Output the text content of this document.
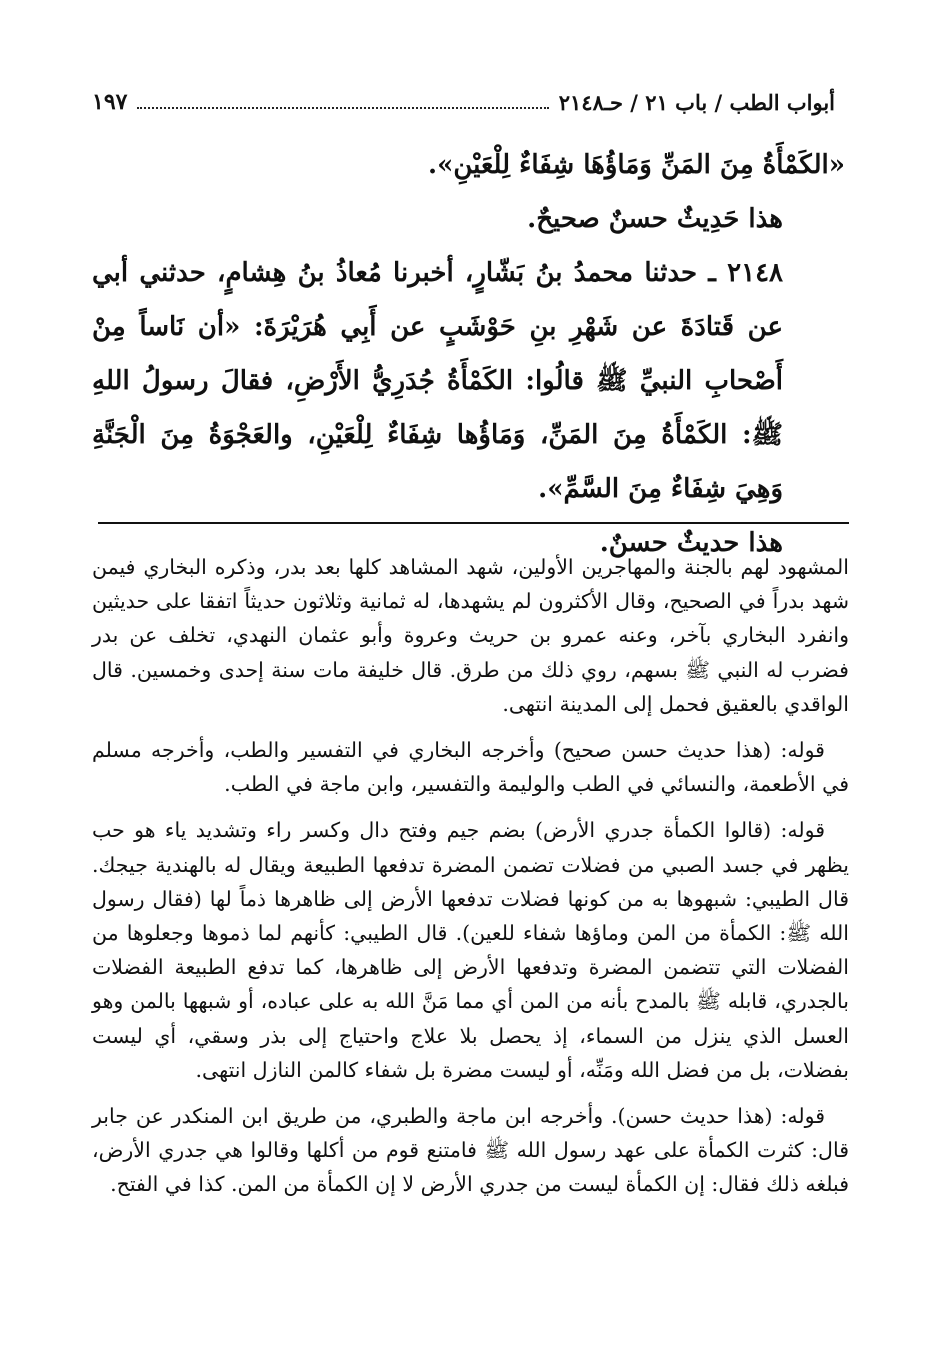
أبواب الطب / باب ٢١ / حـ٢١٤٨
١٩٧

«الكَمْأَةُ مِنَ المَنِّ وَمَاؤُهَا شِفَاءٌ لِلْعَيْنِ».

هذا حَدِيثٌ حسنٌ صحيحٌ.

٢١٤٨ ـ حدثنا محمدُ بنُ بَشّارٍ، أخبرنا مُعاذُ بنُ هِشامٍ، حدثني أبي عن قَتادَةَ عن شَهْرِ بنِ حَوْشَبٍ عن أَبِي هُرَيْرَةَ: «أن نَاساً مِنْ أَصْحابِ النبيِّ ﷺ قالُوا: الكَمْأَةُ جُدَرِيُّ الأَرْضِ، فقالَ رسولُ اللهِ ﷺ: الكَمْأَةُ مِنَ المَنِّ، وَمَاؤُها شِفَاءٌ لِلْعَيْنِ، والعَجْوَةُ مِنَ الْجَنَّةِ وَهِيَ شِفَاءٌ مِنَ السَّمِّ».

هذا حديثٌ حسنٌ.

المشهود لهم بالجنة والمهاجرين الأولين، شهد المشاهد كلها بعد بدر، وذكره البخاري فيمن شهد بدراً في الصحيح، وقال الأكثرون لم يشهدها، له ثمانية وثلاثون حديثاً اتفقا على حديثين وانفرد البخاري بآخر، وعنه عمرو بن حريث وعروة وأبو عثمان النهدي، تخلف عن بدر فضرب له النبي ﷺ بسهم، روي ذلك من طرق. قال خليفة مات سنة إحدى وخمسين. قال الواقدي بالعقيق فحمل إلى المدينة انتهى.

قوله: (هذا حديث حسن صحيح) وأخرجه البخاري في التفسير والطب، وأخرجه مسلم في الأطعمة، والنسائي في الطب والوليمة والتفسير، وابن ماجة في الطب.

قوله: (قالوا الكمأة جدري الأرض) بضم جيم وفتح دال وكسر راء وتشديد ياء هو حب يظهر في جسد الصبي من فضلات تضمن المضرة تدفعها الطبيعة ويقال له بالهندية جيجك. قال الطيبي: شبهوها به من كونها فضلات تدفعها الأرض إلى ظاهرها ذماً لها (فقال رسول الله ﷺ: الكمأة من المن وماؤها شفاء للعين). قال الطيبي: كأنهم لما ذموها وجعلوها من الفضلات التي تتضمن المضرة وتدفعها الأرض إلى ظاهرها، كما تدفع الطبيعة الفضلات بالجدري، قابله ﷺ بالمدح بأنه من المن أي مما مَنَّ الله به على عباده، أو شبهها بالمن وهو العسل الذي ينزل من السماء، إذ يحصل بلا علاج واحتياج إلى بذر وسقي، أي ليست بفضلات، بل من فضل الله ومَنِّه، أو ليست مضرة بل شفاء كالمن النازل انتهى.

قوله: (هذا حديث حسن). وأخرجه ابن ماجة والطبري، من طريق ابن المنكدر عن جابر قال: كثرت الكمأة على عهد رسول الله ﷺ فامتنع قوم من أكلها وقالوا هي جدري الأرض، فبلغه ذلك فقال: إن الكمأة ليست من جدري الأرض لا إن الكمأة من المن. كذا في الفتح.
